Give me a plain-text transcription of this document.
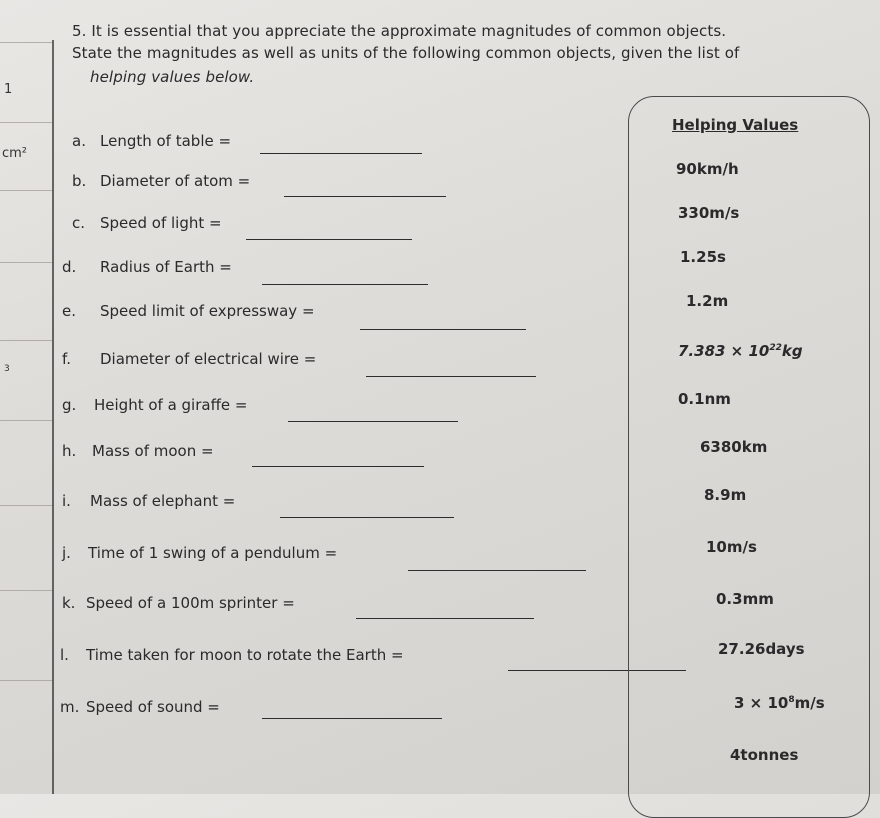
1
cm²
3
5. It is essential that you appreciate the approximate magnitudes of common objects.
State the magnitudes as well as units of the following common objects, given the list of
helping values below.
a. Length of table =
b. Diameter of atom =
c. Speed of light =
d. Radius of Earth =
e. Speed limit of expressway =
f. Diameter of electrical wire =
g. Height of a giraffe =
h. Mass of moon =
i. Mass of elephant =
j. Time of 1 swing of a pendulum =
k. Speed of a 100m sprinter =
l. Time taken for moon to rotate the Earth =
m. Speed of sound =
Helping Values
90km/h
330m/s
1.25s
1.2m
$7.383 \times 10^{22}kg$
0.1nm
6380km
8.9m
10m/s
0.3mm
27.26days
$3 \times 10^8m/s$
4tonnes
